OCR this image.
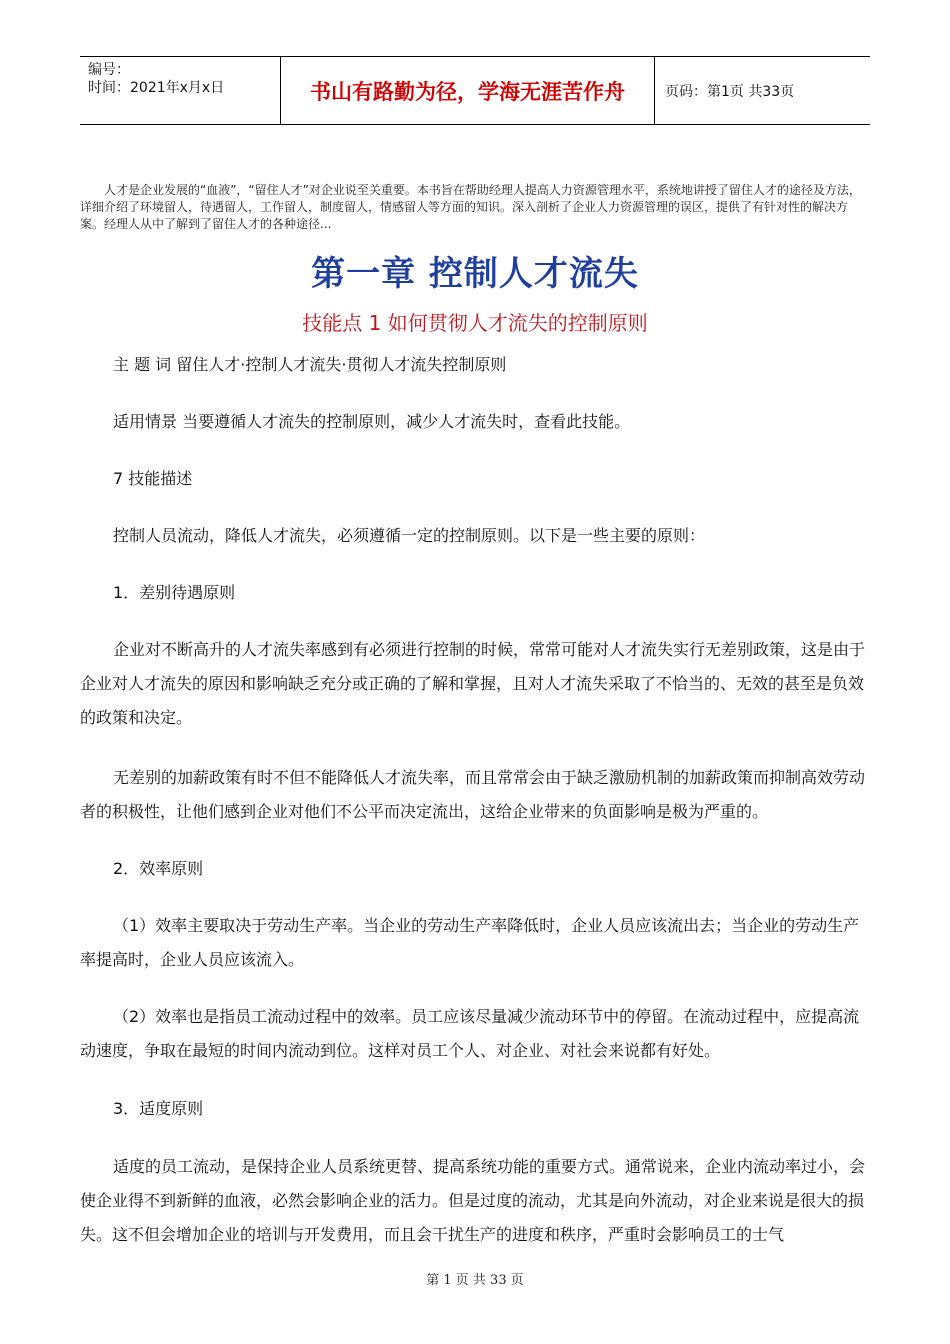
编号：
时间：2021年x月x日	书山有路勤为径，学海无涯苦作舟	页码：第1页 共33页
人才是企业发展的“血液”，“留住人才”对企业说至关重要。本书旨在帮助经理人提高人力资源管理水平，系统地讲授了留住人才的途径及方法，详细介绍了环境留人，待遇留人，工作留人，制度留人，情感留人等方面的知识。深入剖析了企业人力资源管理的误区，提供了有针对性的解决方案。经理人从中了解到了留住人才的各种途径...
第一章 控制人才流失
技能点 1 如何贯彻人才流失的控制原则
主 题 词 留住人才·控制人才流失·贯彻人才流失控制原则
适用情景 当要遵循人才流失的控制原则，减少人才流失时，查看此技能。
7 技能描述
控制人员流动，降低人才流失，必须遵循一定的控制原则。以下是一些主要的原则：
1．差别待遇原则
企业对不断高升的人才流失率感到有必须进行控制的时候，常常可能对人才流失实行无差别政策，这是由于企业对人才流失的原因和影响缺乏充分或正确的了解和掌握，且对人才流失采取了不恰当的、无效的甚至是负效的政策和决定。
无差别的加薪政策有时不但不能降低人才流失率，而且常常会由于缺乏激励机制的加薪政策而抑制高效劳动者的积极性，让他们感到企业对他们不公平而决定流出，这给企业带来的负面影响是极为严重的。
2．效率原则
（1）效率主要取决于劳动生产率。当企业的劳动生产率降低时，企业人员应该流出去；当企业的劳动生产率提高时，企业人员应该流入。
（2）效率也是指员工流动过程中的效率。员工应该尽量减少流动环节中的停留。在流动过程中，应提高流动速度，争取在最短的时间内流动到位。这样对员工个人、对企业、对社会来说都有好处。
3．适度原则
适度的员工流动，是保持企业人员系统更替、提高系统功能的重要方式。通常说来，企业内流动率过小，会使企业得不到新鲜的血液，必然会影响企业的活力。但是过度的流动，尤其是向外流动，对企业来说是很大的损失。这不但会增加企业的培训与开发费用，而且会干扰生产的进度和秩序，严重时会影响员工的士气
第 1 页 共 33 页
